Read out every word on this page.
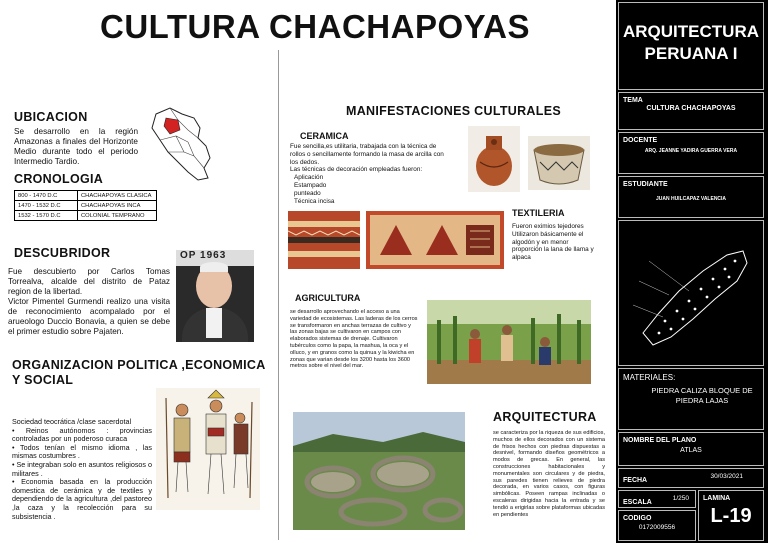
CULTURA CHACHAPOYAS
UBICACION
Se desarrollo en la región Amazonas a finales del Horizonte Medio durante todo el periodo Intermedio Tardio.
CRONOLOGIA
800 - 1470 D.C	CHACHAPOYAS CLASICA
1470 - 1532 D.C	CHACHAPOYAS INCA
1532 - 1570 D.C	COLONIAL TEMPRANO
DESCUBRIDOR
Fue descubierto por Carlos Tomas Torrealva, alcalde del distrito de Pataz region de la libertad.
Victor Pimentel Gurmendi realizo una visita de reconocimiento acompalado por el arueologo Duccio Bonavia, a quien se debe el primer estudio sobre Pajaten.
OP 1963
ORGANIZACION POLITICA ,ECONOMICA Y SOCIAL
Sociedad teocrática /clase sacerdotal
• Reinos autónomos : provincias controladas por un poderoso curaca
• Todos tenían el mismo idioma , las mismas costumbres .
• Se integraban solo en asuntos religiosos o militares .
• Economia basada en la producción domestica de cerámica y de textiles y dependiendo de la agricultura ,del pastoreo ,la caza y la recolección para su subsistencia .
MANIFESTACIONES CULTURALES
CERAMICA
Fue sencilla,es utilitaria, trabajada con la técnica de rollos o sencillamente formando la masa de arcilla con los dedos.
Las técnicas de decoración empleadas fueron:
Aplicación
Estampado
punteado
Técnica incisa
TEXTILERIA
Fueron eximios tejedores Utilizaron básicamente el algodón y en menor proporción la lana de llama y alpaca
AGRICULTURA
se desarrollo aprovechando el acceso a una variedad de ecosistemas. Las laderas de los cerros se transformaron en anchas terrazas de cultivo y las zonas bajas se cultivaron en campos con elaborados sistemas de drenaje. Cultivaron tubérculos como la papa, la mashua, la oca y el olluco, y en granos como la quinua y la kiwicha en zonas que varian desde los 3200 hasta los 3600 metros sobre el nivel del mar.
ARQUITECTURA
se caracteriza por la riqueza de sus edificios, muchos de ellos decorados con un sistema de frisos hechos con piedras dispuestas a desnivel, formando diseños geométricos a modos de grecas. En general, las construcciones habitacionales y monumentales son circulares y de piedra, sus paredes tienen relieves de piedra decorada, en varios casos, con figuras simbólicas. Poseen rampas inclinadas o escaleras dirigidas hacia la entrada y se tendió a erigirlas sobre plataformas ubicadas en pendientes
ARQUITECTURA PERUANA I
TEMA
CULTURA CHACHAPOYAS
DOCENTE
ARQ. JEANNE YADIRA GUERRA VERA
ESTUDIANTE
JUAN HUILCAPAZ VALENCIA
MATERIALES:
PIEDRA CALIZA BLOQUE DE PIEDRA LAJAS
NOMBRE DEL PLANO
ATLAS
FECHA
30/03/2021
ESCALA
1/250
CODIGO
0172009556
LAMINA
L-19
